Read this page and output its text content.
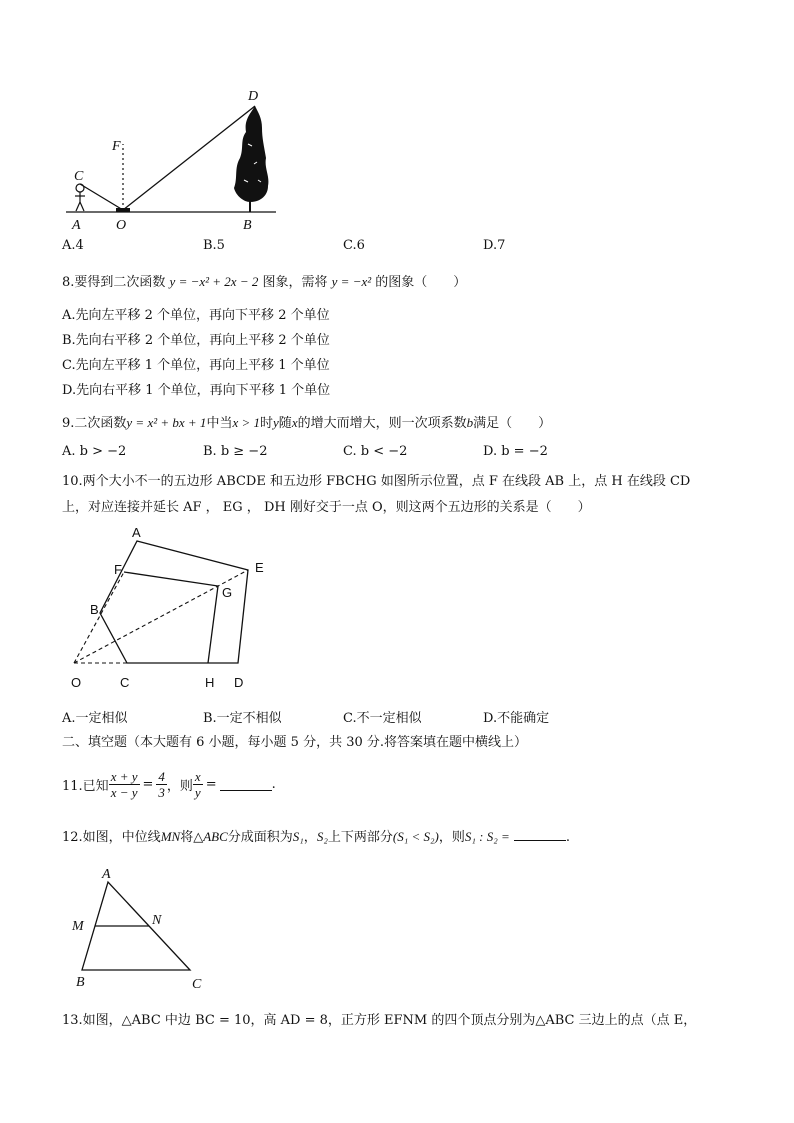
D
F
C
A	O	B
A.4	B.5	C.6	D.7
8.要得到二次函数 y = −x² + 2x − 2 图象，需将 y = −x² 的图象（　　）
A.先向左平移 2 个单位，再向下平移 2 个单位
B.先向右平移 2 个单位，再向上平移 2 个单位
C.先向左平移 1 个单位，再向上平移 1 个单位
D.先向右平移 1 个单位，再向下平移 1 个单位
9.二次函数y = x² + bx + 1中当x > 1时y随x的增大而增大，则一次项系数b满足（　　）
A. b > −2	B. b ≥ −2	C. b < −2	D. b = −2
10.两个大小不一的五边形 ABCDE 和五边形 FBCHG 如图所示位置，点 F 在线段 AB 上，点 H 在线段 CD
上，对应连接并延长 AF ， EG ， DH 刚好交于一点 O，则这两个五边形的关系是（　　）
A
F	E
G
B
O	C	H D
A.一定相似	B.一定不相似	C.不一定相似	D.不能确定
二、填空题（本大题有 6 小题，每小题 5 分，共 30 分.将答案填在题中横线上）
11.已知 $\frac{x + y}{x - y} = \frac{4}{3}$ ，则 $\frac{x}{y}$ =	.
12.如图，中位线MN将△ABC分成面积为S₁，S₂上下两部分(S₁ < S₂)，则S₁ : S₂ =	.
A
M	N
B	C
13.如图，△ABC 中边 BC = 10，高 AD = 8，正方形 EFNM 的四个顶点分别为△ABC 三边上的点（点 E，
